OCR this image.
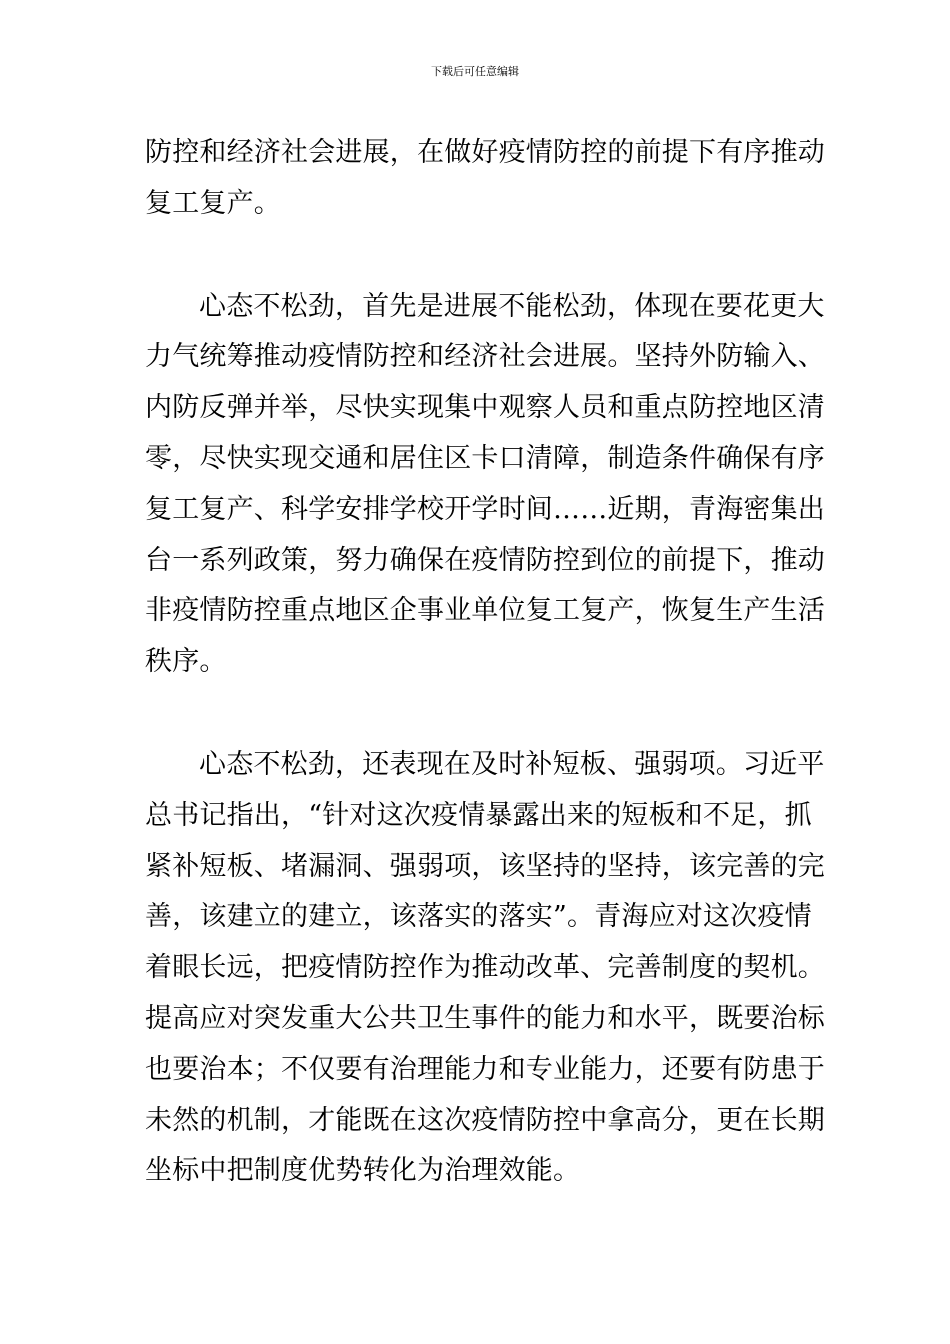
下载后可任意编辑
防控和经济社会进展，在做好疫情防控的前提下有序推动
复工复产。
心态不松劲，首先是进展不能松劲，体现在要花更大
力气统筹推动疫情防控和经济社会进展。坚持外防输入、
内防反弹并举，尽快实现集中观察人员和重点防控地区清
零，尽快实现交通和居住区卡口清障，制造条件确保有序
复工复产、科学安排学校开学时间……近期，青海密集出
台一系列政策，努力确保在疫情防控到位的前提下，推动
非疫情防控重点地区企事业单位复工复产，恢复生产生活
秩序。
心态不松劲，还表现在及时补短板、强弱项。习近平
总书记指出，“针对这次疫情暴露出来的短板和不足，抓
紧补短板、堵漏洞、强弱项，该坚持的坚持，该完善的完
善，该建立的建立，该落实的落实”。青海应对这次疫情
着眼长远，把疫情防控作为推动改革、完善制度的契机。
提高应对突发重大公共卫生事件的能力和水平，既要治标
也要治本；不仅要有治理能力和专业能力，还要有防患于
未然的机制，才能既在这次疫情防控中拿高分，更在长期
坐标中把制度优势转化为治理效能。
